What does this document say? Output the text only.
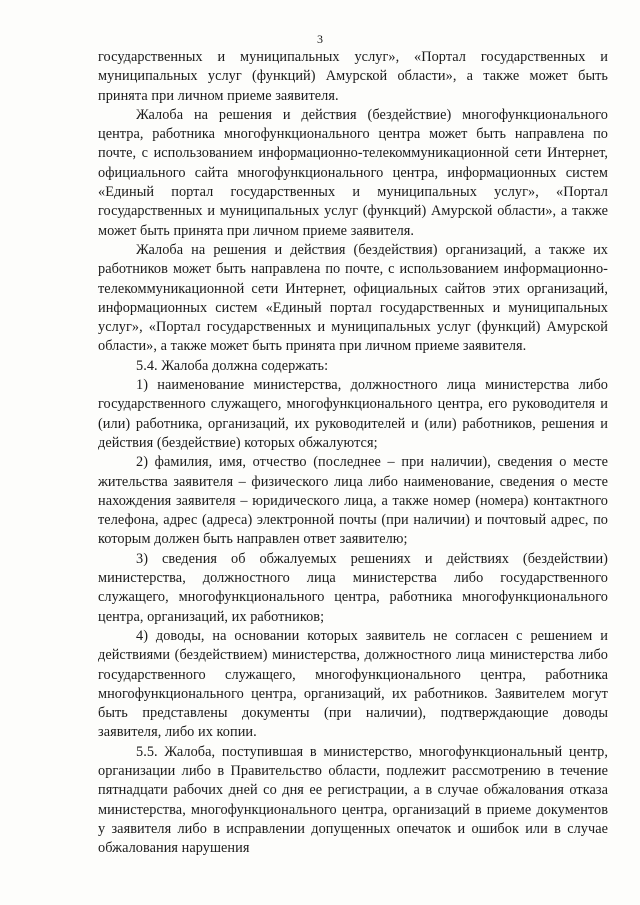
3

государственных и муниципальных услуг», «Портал государственных и муниципальных услуг (функций) Амурской области», а также может быть принята при личном приеме заявителя.

Жалоба на решения и действия (бездействие) многофункционального центра, работника многофункционального центра может быть направлена по почте, с использованием информационно-телекоммуникационной сети Интернет, официального сайта многофункционального центра, информационных систем «Единый портал государственных и муниципальных услуг», «Портал государственных и муниципальных услуг (функций) Амурской области», а также может быть принята при личном приеме заявителя.

Жалоба на решения и действия (бездействия) организаций, а также их работников может быть направлена по почте, с использованием информационно-телекоммуникационной сети Интернет, официальных сайтов этих организаций, информационных систем «Единый портал государственных и муниципальных услуг», «Портал государственных и муниципальных услуг (функций) Амурской области», а также может быть принята при личном приеме заявителя.

5.4. Жалоба должна содержать:

1) наименование министерства, должностного лица министерства либо государственного служащего, многофункционального центра, его руководителя и (или) работника, организаций, их руководителей и (или) работников, решения и действия (бездействие) которых обжалуются;

2) фамилия, имя, отчество (последнее – при наличии), сведения о месте жительства заявителя – физического лица либо наименование, сведения о месте нахождения заявителя – юридического лица, а также номер (номера) контактного телефона, адрес (адреса) электронной почты (при наличии) и почтовый адрес, по которым должен быть направлен ответ заявителю;

3) сведения об обжалуемых решениях и действиях (бездействии) министерства, должностного лица министерства либо государственного служащего, многофункционального центра, работника многофункционального центра, организаций, их работников;

4) доводы, на основании которых заявитель не согласен с решением и действиями (бездействием) министерства, должностного лица министерства либо государственного служащего, многофункционального центра, работника многофункционального центра, организаций, их работников. Заявителем могут быть представлены документы (при наличии), подтверждающие доводы заявителя, либо их копии.

5.5. Жалоба, поступившая в министерство, многофункциональный центр, организации либо в Правительство области, подлежит рассмотрению в течение пятнадцати рабочих дней со дня ее регистрации, а в случае обжалования отказа министерства, многофункционального центра, организаций в приеме документов у заявителя либо в исправлении допущенных опечаток и ошибок или в случае обжалования нарушения
